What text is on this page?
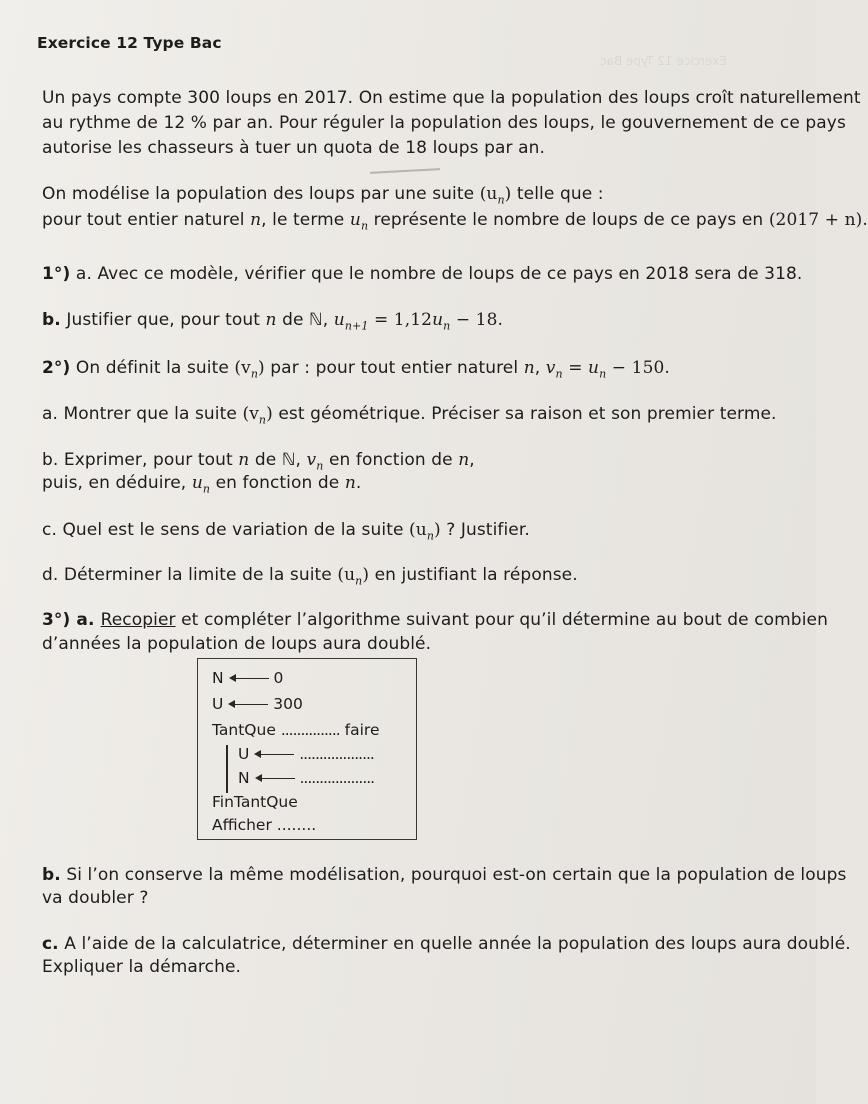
Exercice 12 Type Bac
Exercice 12 Type Bac
Un pays compte 300 loups en 2017. On estime que la population des loups croît naturellement
au rythme de 12 % par an. Pour réguler la population des loups, le gouvernement de ce pays
autorise les chasseurs à tuer un quota de 18 loups par an.
On modélise la population des loups par une suite $(u_n)$ telle que :
pour tout entier naturel n, le terme $u_n$ représente le nombre de loups de ce pays en (2017 + n).
1°) a. Avec ce modèle, vérifier que le nombre de loups de ce pays en 2018 sera de 318.
b. Justifier que, pour tout n de ℕ, $u_{n+1} = 1,12u_n - 18$.
2°) On définit la suite $(v_n)$ par : pour tout entier naturel n, $v_n = u_n - 150$.
a. Montrer que la suite $(v_n)$ est géométrique. Préciser sa raison et son premier terme.
b. Exprimer, pour tout n de ℕ, $v_n$ en fonction de n,
puis, en déduire, $u_n$ en fonction de n.
c. Quel est le sens de variation de la suite $(u_n)$ ? Justifier.
d. Déterminer la limite de la suite $(u_n)$ en justifiant la réponse.
3°) a. Recopier et compléter l’algorithme suivant pour qu’il détermine au bout de combien
d’années la population de loups aura doublé.
N	0
U	300
TantQue ............... faire
U	...................
N	...................
FinTantQue
Afficher ........
b. Si l’on conserve la même modélisation, pourquoi est-on certain que la population de loups
va doubler ?
c. A l’aide de la calculatrice, déterminer en quelle année la population des loups aura doublé.
Expliquer la démarche.
